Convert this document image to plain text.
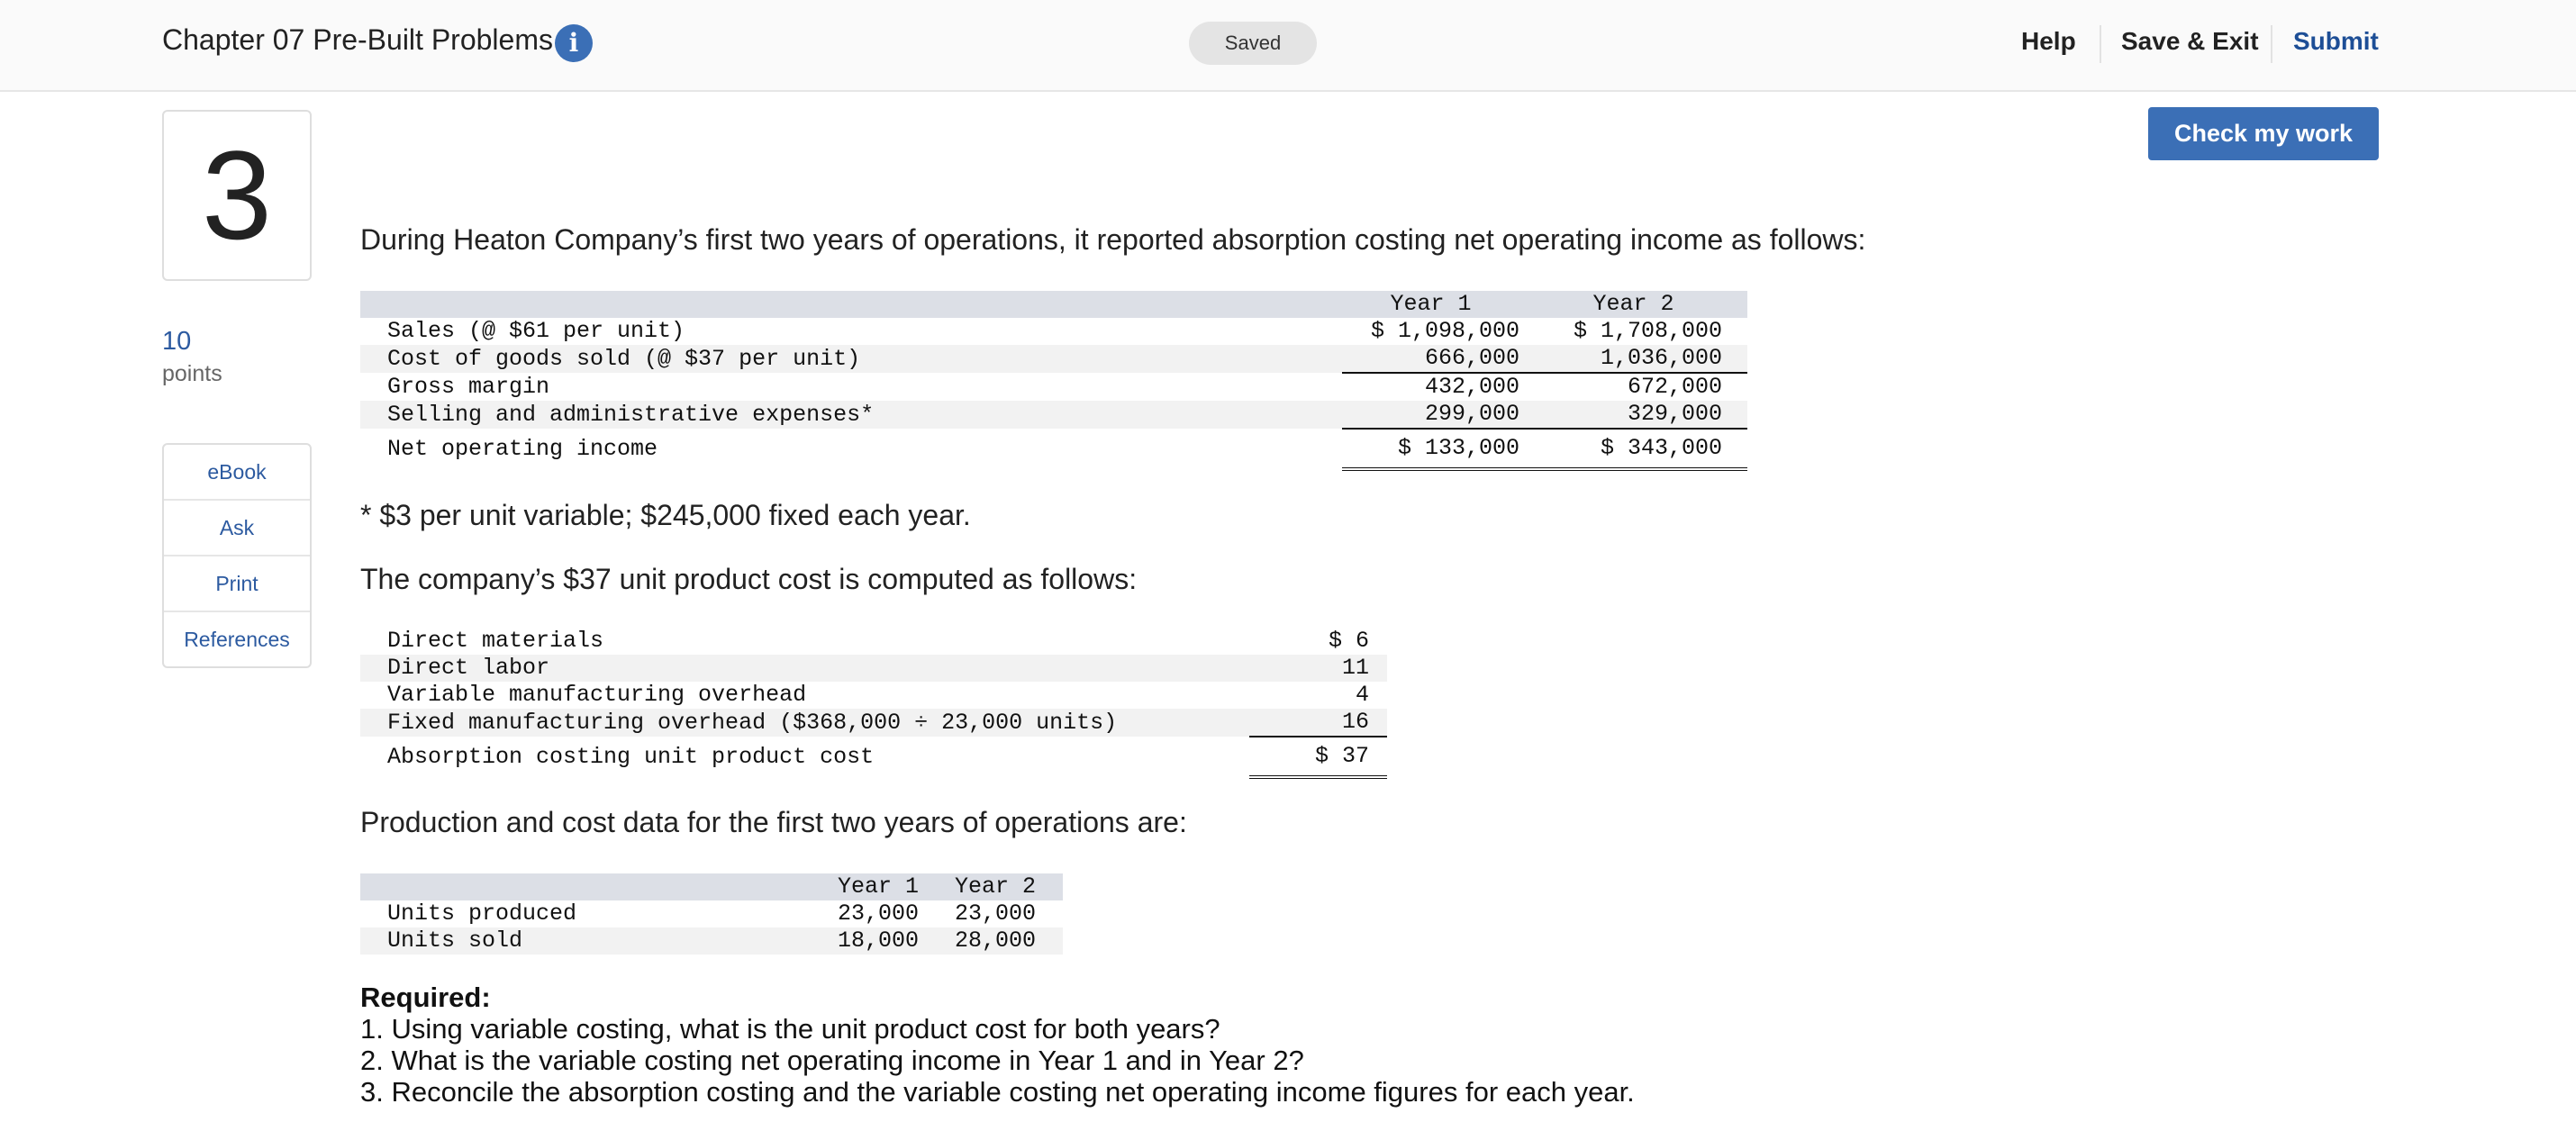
Chapter 07 Pre-Built Problems i	Saved	Help Save & Exit Submit
Check my work
3
10
points
eBook
Ask
Print
References
During Heaton Company’s first two years of operations, it reported absorption costing net operating income as follows:
	Year 1	Year 2
Sales (@ $61 per unit)	$ 1,098,000	$ 1,708,000
Cost of goods sold (@ $37 per unit)	666,000	1,036,000
Gross margin	432,000	672,000
Selling and administrative expenses*	299,000	329,000
Net operating income	$ 133,000	$ 343,000
* $3 per unit variable; $245,000 fixed each year.
The company’s $37 unit product cost is computed as follows:
Direct materials	$ 6
Direct labor	11
Variable manufacturing overhead	4
Fixed manufacturing overhead ($368,000 ÷ 23,000 units)	16
Absorption costing unit product cost	$ 37
Production and cost data for the first two years of operations are:
	Year 1	Year 2
Units produced	23,000	23,000
Units sold	18,000	28,000
Required:
1. Using variable costing, what is the unit product cost for both years?
2. What is the variable costing net operating income in Year 1 and in Year 2?
3. Reconcile the absorption costing and the variable costing net operating income figures for each year.
